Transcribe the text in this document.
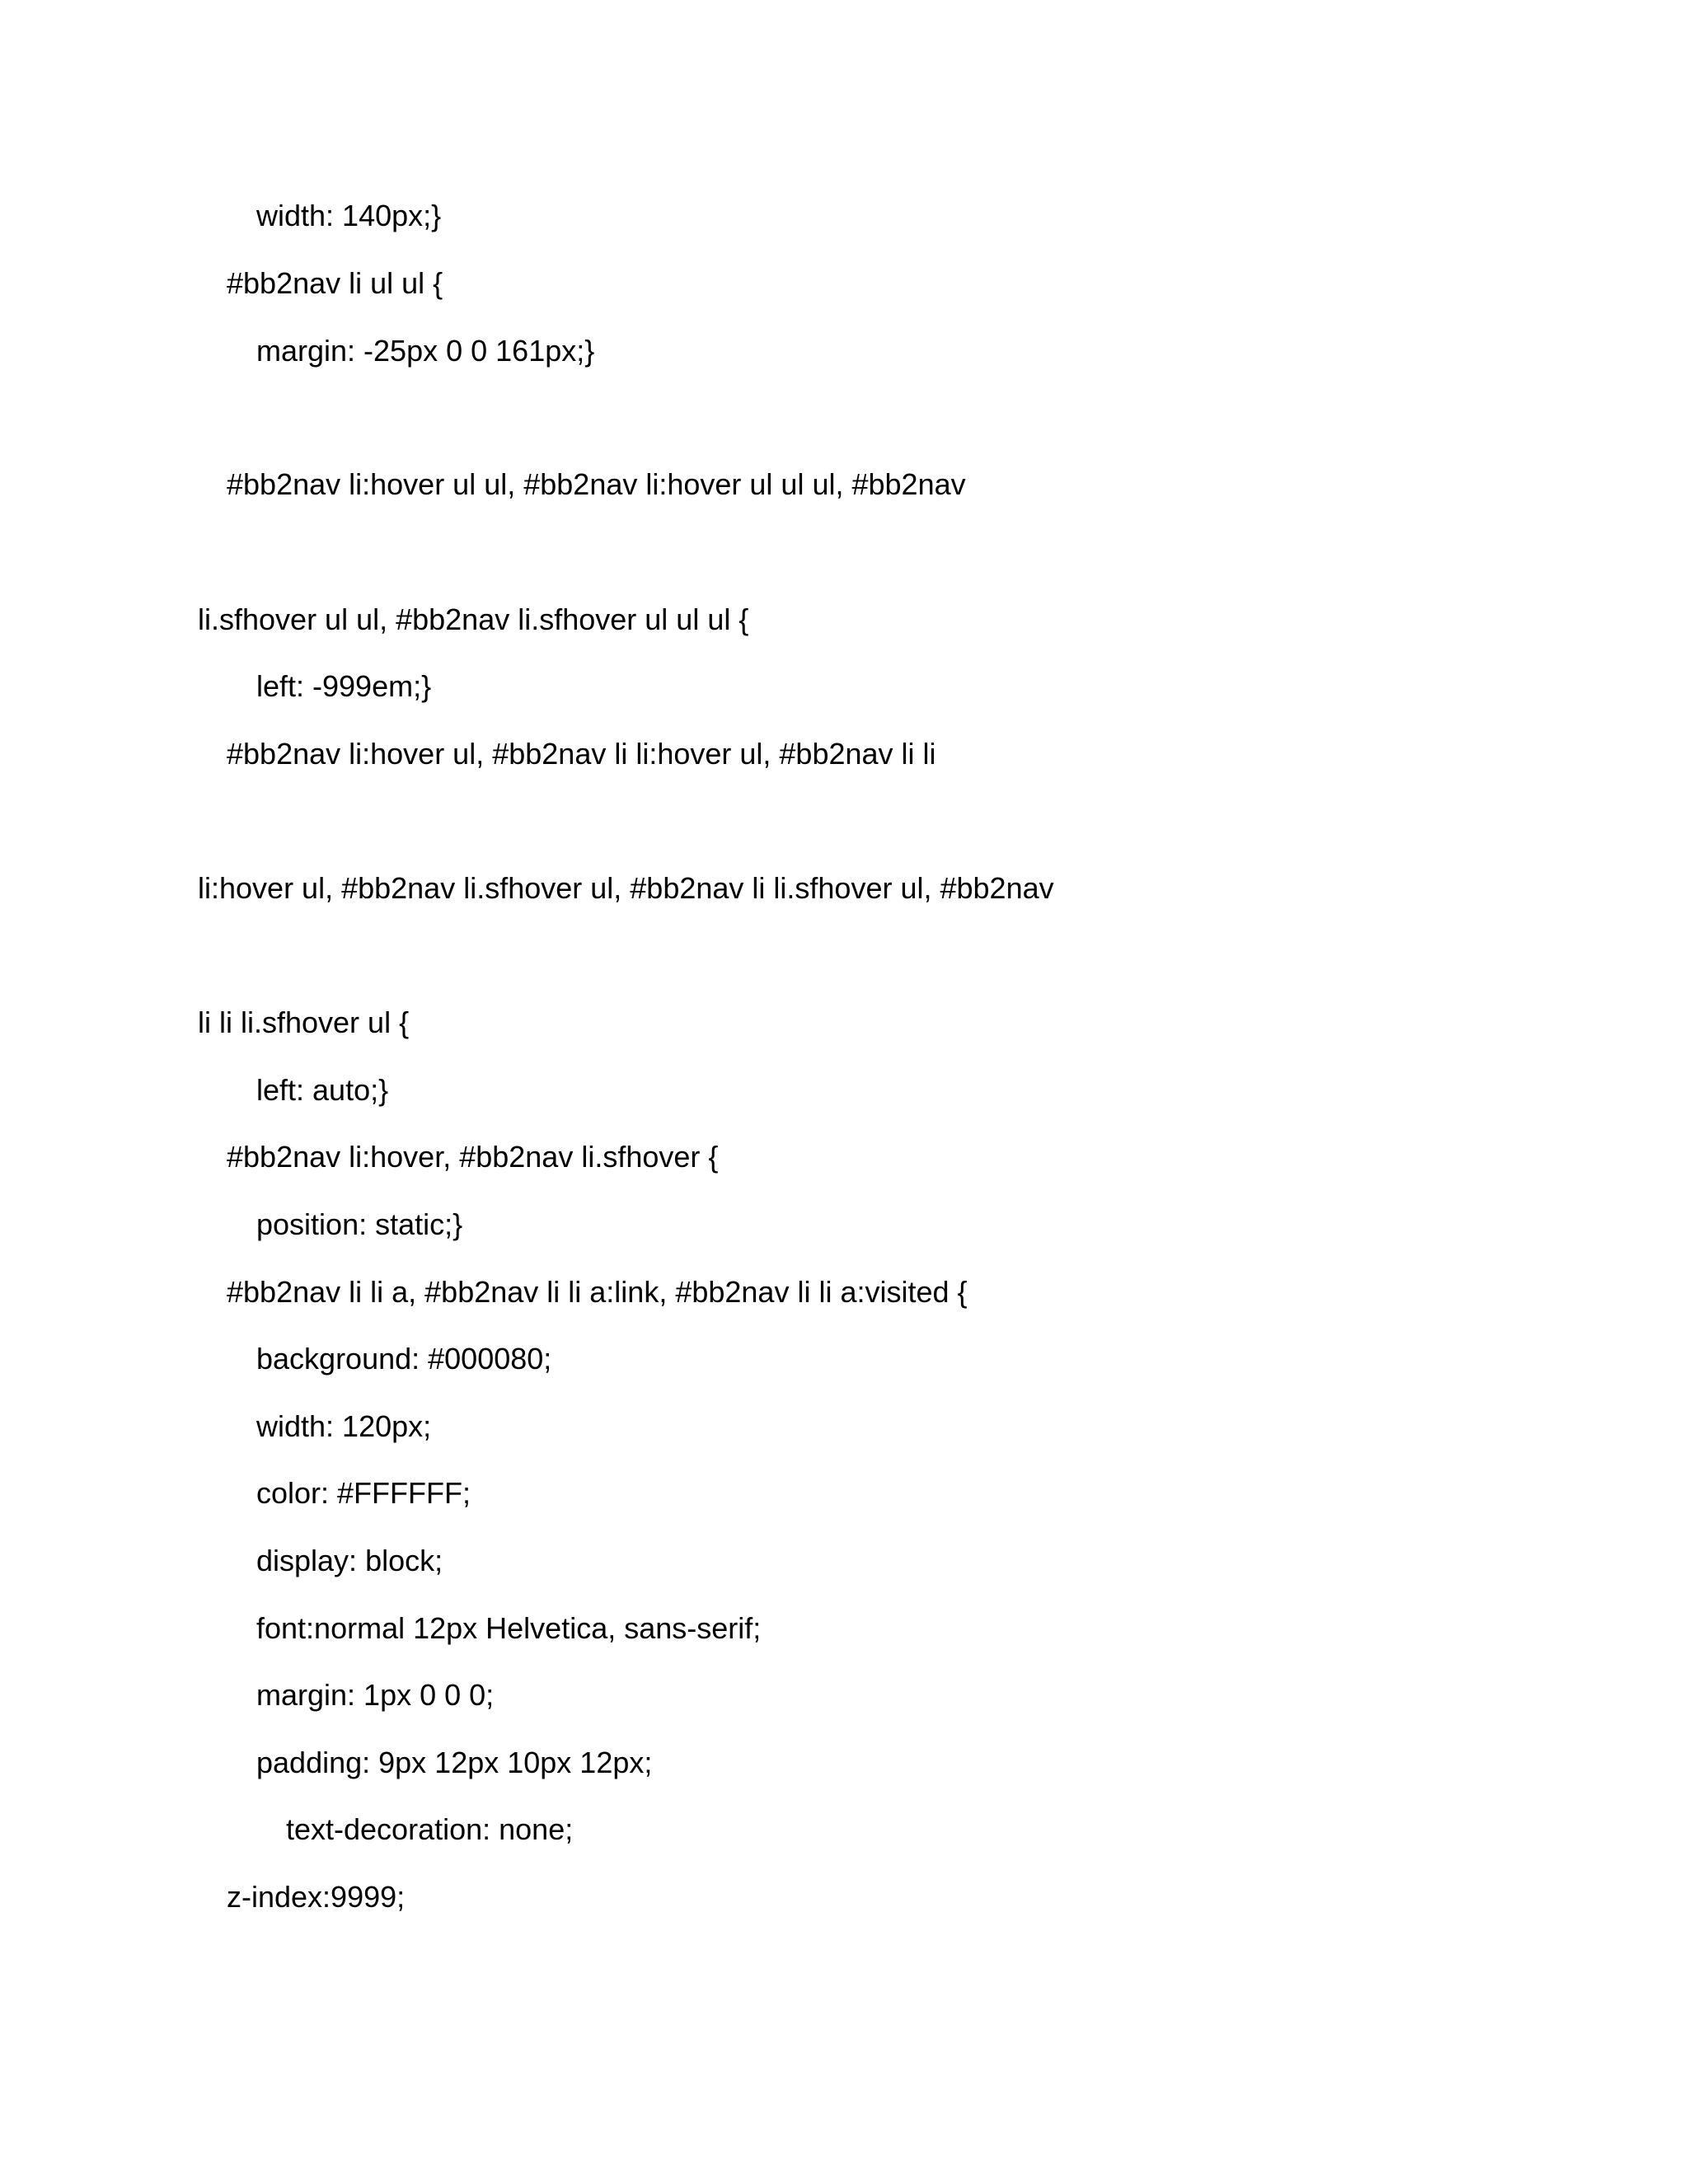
width: 140px;}

#bb2nav li ul ul {

margin: -25px 0 0 161px;}

#bb2nav li:hover ul ul, #bb2nav li:hover ul ul ul, #bb2nav

li.sfhover ul ul, #bb2nav li.sfhover ul ul ul {

left: -999em;}

#bb2nav li:hover ul, #bb2nav li li:hover ul, #bb2nav li li

li:hover ul, #bb2nav li.sfhover ul, #bb2nav li li.sfhover ul, #bb2nav

li li li.sfhover ul {

left: auto;}

#bb2nav li:hover, #bb2nav li.sfhover {

position: static;}

#bb2nav li li a, #bb2nav li li a:link, #bb2nav li li a:visited {

background: #000080;

width: 120px;

color: #FFFFFF;

display: block;

font:normal 12px Helvetica, sans-serif;

margin: 1px 0 0 0;

padding: 9px 12px 10px 12px;

text-decoration: none;

z-index:9999;
